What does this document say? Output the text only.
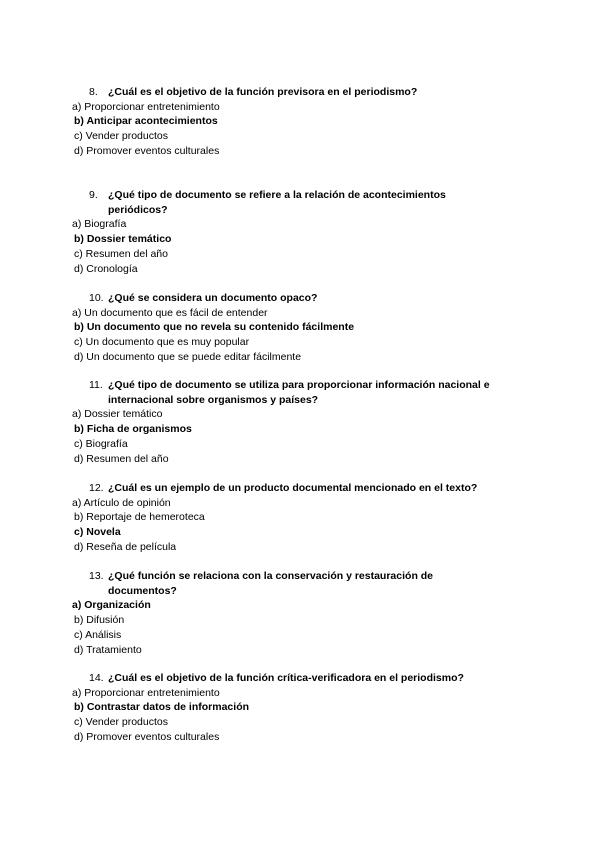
8. ¿Cuál es el objetivo de la función previsora en el periodismo?
a) Proporcionar entretenimiento
b) Anticipar acontecimientos
c) Vender productos
d) Promover eventos culturales
9. ¿Qué tipo de documento se refiere a la relación de acontecimientos
periódicos?
a) Biografía
b) Dossier temático
c) Resumen del año
d) Cronología
10. ¿Qué se considera un documento opaco?
a) Un documento que es fácil de entender
b) Un documento que no revela su contenido fácilmente
c) Un documento que es muy popular
d) Un documento que se puede editar fácilmente
11. ¿Qué tipo de documento se utiliza para proporcionar información nacional e
internacional sobre organismos y países?
a) Dossier temático
b) Ficha de organismos
c) Biografía
d) Resumen del año
12. ¿Cuál es un ejemplo de un producto documental mencionado en el texto?
a) Artículo de opinión
b) Reportaje de hemeroteca
c) Novela
d) Reseña de película
13. ¿Qué función se relaciona con la conservación y restauración de
documentos?
a) Organización
b) Difusión
c) Análisis
d) Tratamiento
14. ¿Cuál es el objetivo de la función crítica-verificadora en el periodismo?
a) Proporcionar entretenimiento
b) Contrastar datos de información
c) Vender productos
d) Promover eventos culturales
